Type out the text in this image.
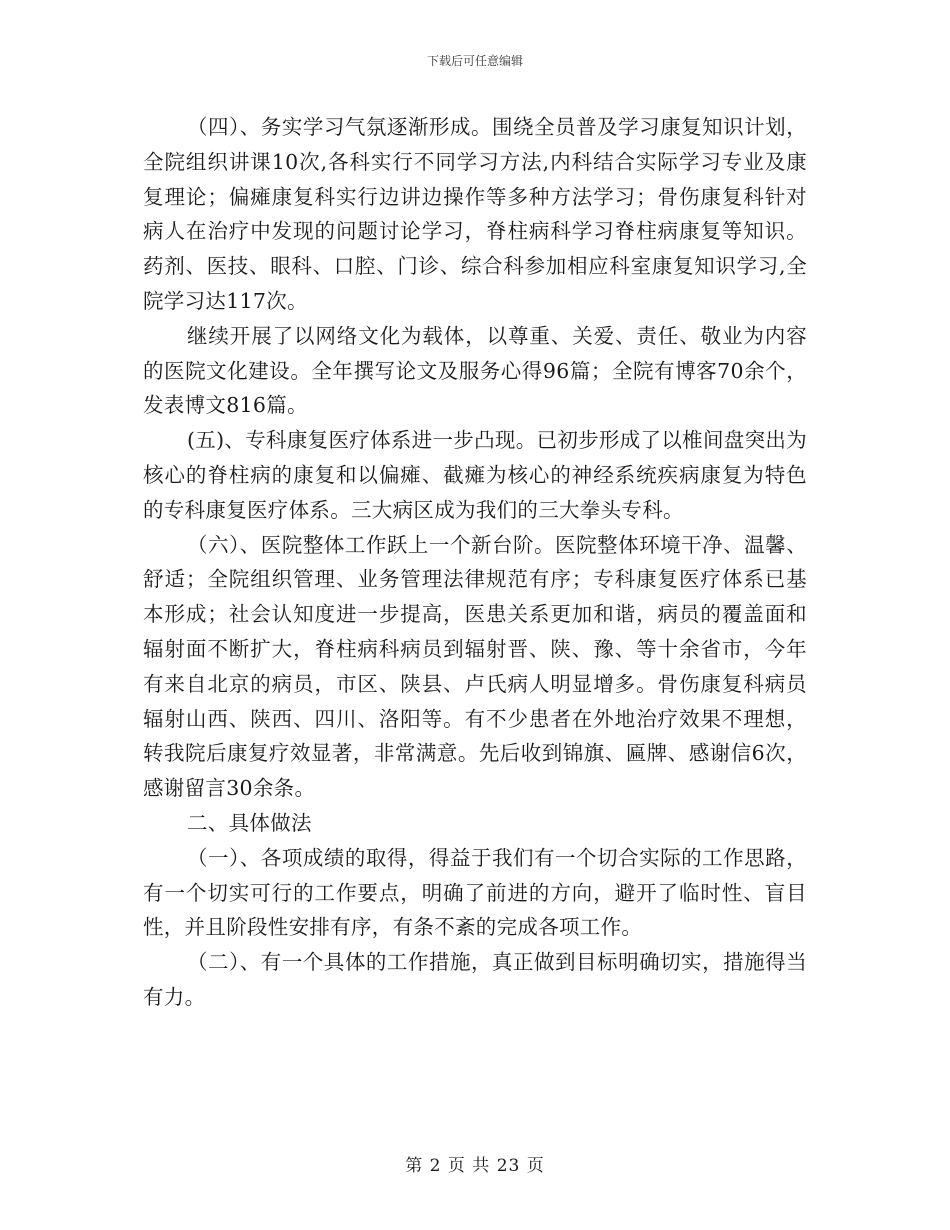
下载后可任意编辑

（四）、务实学习气氛逐渐形成。围绕全员普及学习康复知识计划，全院组织讲课10次,各科实行不同学习方法,内科结合实际学习专业及康复理论；偏瘫康复科实行边讲边操作等多种方法学习；骨伤康复科针对病人在治疗中发现的问题讨论学习，脊柱病科学习脊柱病康复等知识。药剂、医技、眼科、口腔、门诊、综合科参加相应科室康复知识学习,全院学习达117次。

继续开展了以网络文化为载体，以尊重、关爱、责任、敬业为内容的医院文化建设。全年撰写论文及服务心得96篇；全院有博客70余个，发表博文816篇。

(五)、专科康复医疗体系进一步凸现。已初步形成了以椎间盘突出为核心的脊柱病的康复和以偏瘫、截瘫为核心的神经系统疾病康复为特色的专科康复医疗体系。三大病区成为我们的三大拳头专科。

（六）、医院整体工作跃上一个新台阶。医院整体环境干净、温馨、舒适；全院组织管理、业务管理法律规范有序；专科康复医疗体系已基本形成；社会认知度进一步提高，医患关系更加和谐，病员的覆盖面和辐射面不断扩大，脊柱病科病员到辐射晋、陕、豫、等十余省市，今年有来自北京的病员，市区、陕县、卢氏病人明显增多。骨伤康复科病员辐射山西、陕西、四川、洛阳等。有不少患者在外地治疗效果不理想，转我院后康复疗效显著，非常满意。先后收到锦旗、匾牌、感谢信6次，感谢留言30余条。

二、具体做法

（一）、各项成绩的取得，得益于我们有一个切合实际的工作思路，有一个切实可行的工作要点，明确了前进的方向，避开了临时性、盲目性，并且阶段性安排有序，有条不紊的完成各项工作。

（二）、有一个具体的工作措施，真正做到目标明确切实，措施得当有力。

第 2 页 共 23 页
